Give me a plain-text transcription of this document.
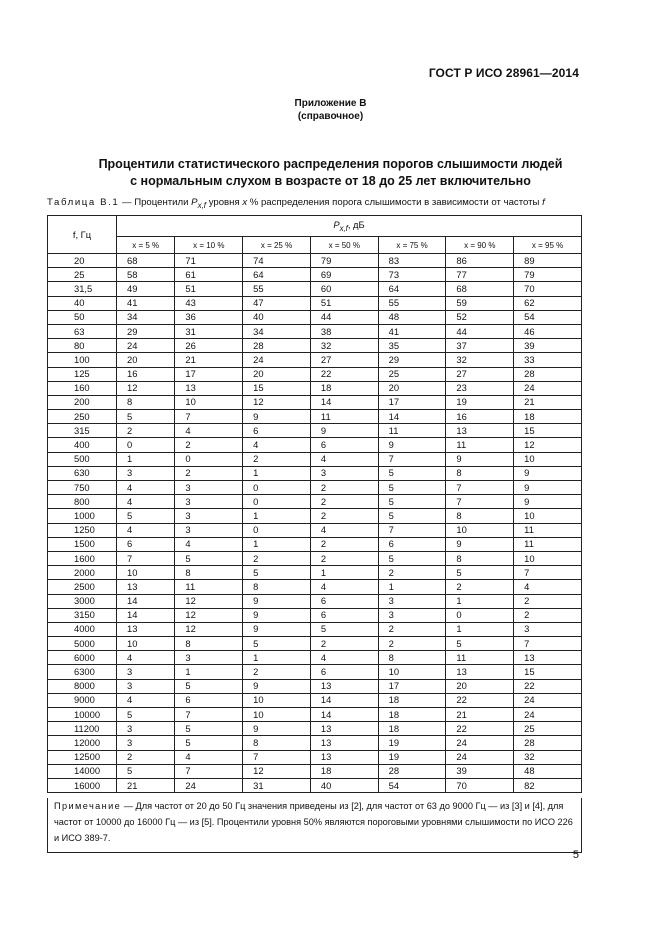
ГОСТ Р ИСО 28961—2014
Приложение В
(справочное)
Процентили статистического распределения порогов слышимости людей
с нормальным слухом в возрасте от 18 до 25 лет включительно
Таблица В.1 — Процентили $P_{x,f}$ уровня x % распределения порога слышимости в зависимости от частоты f
f, Гц	$P_{x,f}$, дБ						
	x = 5 %	x = 10 %	x = 25 %	x = 50 %	x = 75 %	x = 90 %	x = 95 %
20	68	71	74	79	83	86	89
25	58	61	64	69	73	77	79
31,5	49	51	55	60	64	68	70
40	41	43	47	51	55	59	62
50	34	36	40	44	48	52	54
63	29	31	34	38	41	44	46
80	24	26	28	32	35	37	39
100	20	21	24	27	29	32	33
125	16	17	20	22	25	27	28
160	12	13	15	18	20	23	24
200	8	10	12	14	17	19	21
250	5	7	9	11	14	16	18
315	2	4	6	9	11	13	15
400	0	2	4	6	9	11	12
500	1	0	2	4	7	9	10
630	3	2	1	3	5	8	9
750	4	3	0	2	5	7	9
800	4	3	0	2	5	7	9
1000	5	3	1	2	5	8	10
1250	4	3	0	4	7	10	11
1500	6	4	1	2	6	9	11
1600	7	5	2	2	5	8	10
2000	10	8	5	1	2	5	7
2500	13	11	8	4	1	2	4
3000	14	12	9	6	3	1	2
3150	14	12	9	6	3	0	2
4000	13	12	9	5	2	1	3
5000	10	8	5	2	2	5	7
6000	4	3	1	4	8	11	13
6300	3	1	2	6	10	13	15
8000	3	5	9	13	17	20	22
9000	4	6	10	14	18	22	24
10000	5	7	10	14	18	21	24
11200	3	5	9	13	18	22	25
12000	3	5	8	13	19	24	28
12500	2	4	7	13	19	24	32
14000	5	7	12	18	28	39	48
16000	21	24	31	40	54	70	82
Примечание — Для частот от 20 до 50 Гц значения приведены из [2], для частот от 63 до 9000 Гц — из [3] и [4], для частот от 10000 до 16000 Гц — из [5]. Процентили уровня 50% являются пороговыми уровнями слышимости по ИСО 226 и ИСО 389-7.
5
